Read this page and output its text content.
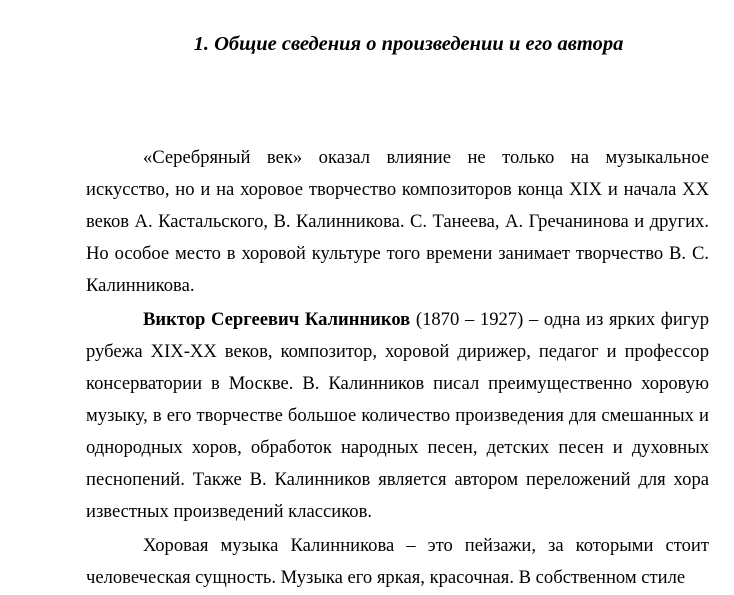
1. Общие сведения о произведении и его автора

«Серебряный век» оказал влияние не только на музыкальное искусство, но и на хоровое творчество композиторов конца XIX и начала XX веков А. Кастальского, В. Калинникова. С. Танеева, А. Гречанинова и других. Но особое место в хоровой культуре того времени занимает творчество В. С. Калинникова.

Виктор Сергеевич Калинников (1870 – 1927) – одна из ярких фигур рубежа XIX-XX веков, композитор, хоровой дирижер, педагог и профессор консерватории в Москве. В. Калинников писал преимущественно хоровую музыку, в его творчестве большое количество произведения для смешанных и однородных хоров, обработок народных песен, детских песен и духовных песнопений. Также В. Калинников является автором переложений для хора известных произведений классиков.

Хоровая музыка Калинникова – это пейзажи, за которыми стоит человеческая сущность. Музыка его яркая, красочная. В собственном стиле
